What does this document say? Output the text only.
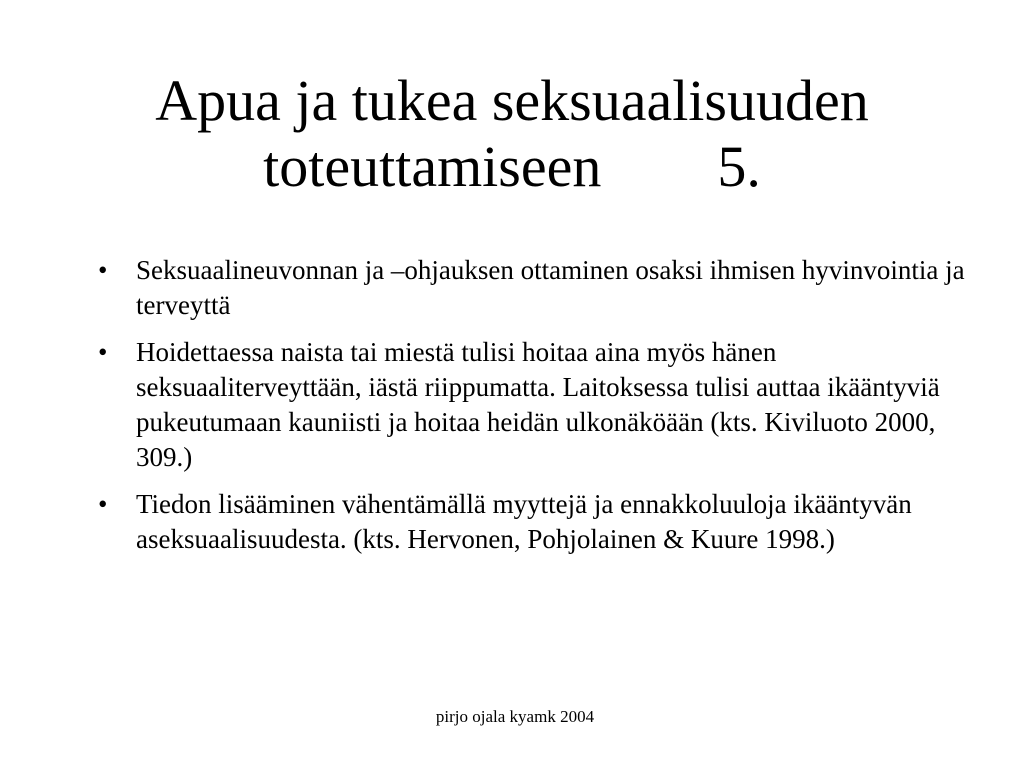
Apua ja tukea seksuaalisuuden
toteuttamiseen        5.
•	Seksuaalineuvonnan ja –ohjauksen ottaminen osaksi ihmisen hyvinvointia ja terveyttä
•	Hoidettaessa naista tai miestä tulisi hoitaa aina myös hänen seksuaaliterveyttään, iästä riippumatta. Laitoksessa tulisi auttaa ikääntyviä pukeutumaan kauniisti ja hoitaa heidän ulkonäköään (kts. Kiviluoto 2000, 309.)
•	Tiedon lisääminen vähentämällä myyttejä ja ennakkoluuloja ikääntyvän aseksuaalisuudesta. (kts. Hervonen, Pohjolainen & Kuure 1998.)
pirjo ojala kyamk 2004
